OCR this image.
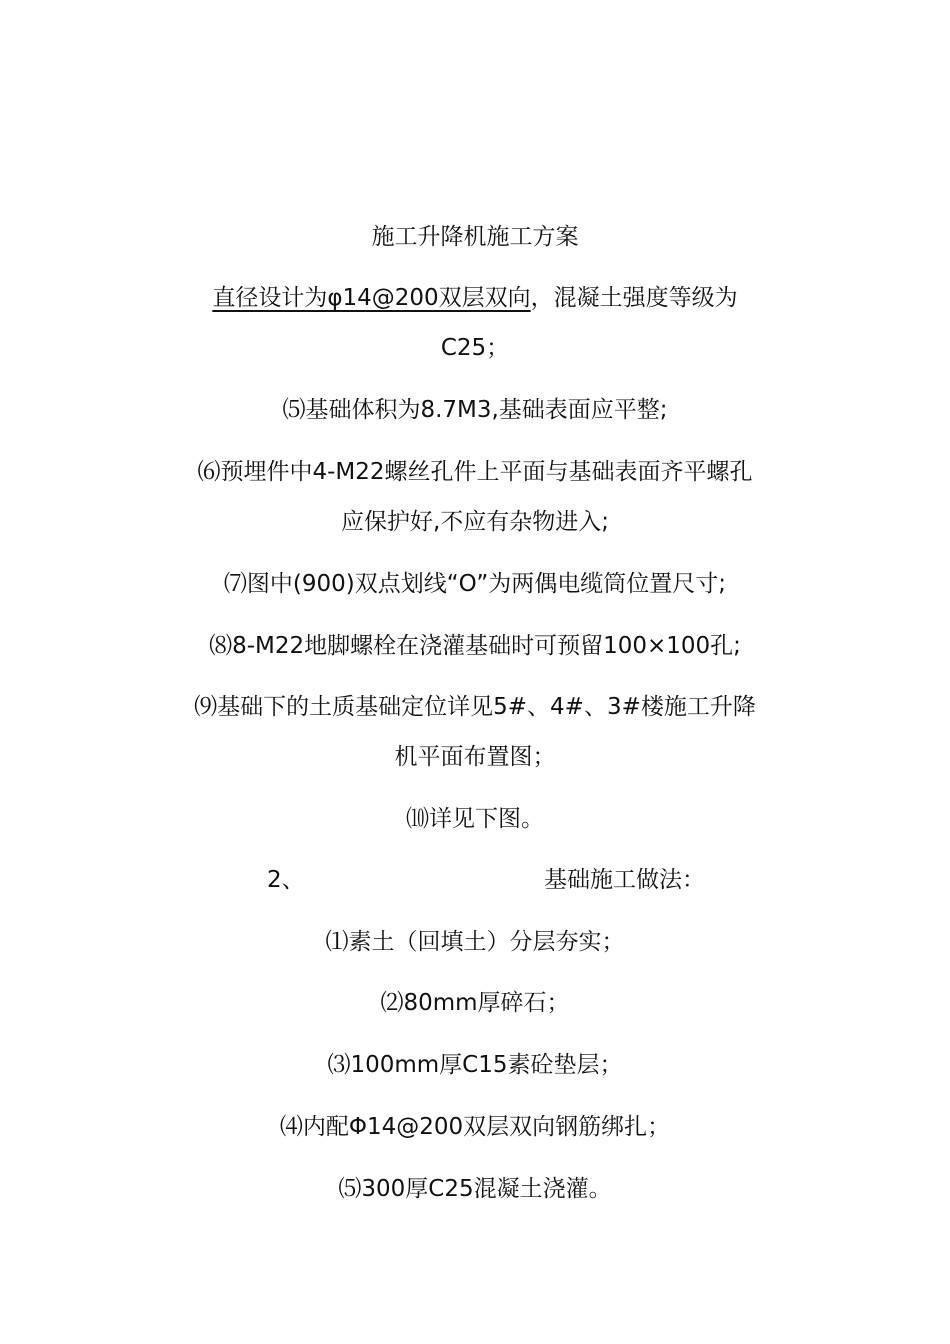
施工升降机施工方案
直径设计为φ14@200双层双向，混凝土强度等级为
C25；
⑸基础体积为8.7M3,基础表面应平整;
⑹预埋件中4-M22螺丝孔件上平面与基础表面齐平螺孔
应保护好,不应有杂物进入;
⑺图中(900)双点划线“O”为两偶电缆筒位置尺寸;
⑻8-M22地脚螺栓在浇灌基础时可预留100×100孔;
⑼基础下的土质基础定位详见5#、4#、3#楼施工升降
机平面布置图；
⑽详见下图。
2、	基础施工做法：
⑴素土（回填土）分层夯实；
⑵80mm厚碎石；
⑶100mm厚C15素砼垫层；
⑷内配Φ14@200双层双向钢筋绑扎；
⑸300厚C25混凝土浇灌。
